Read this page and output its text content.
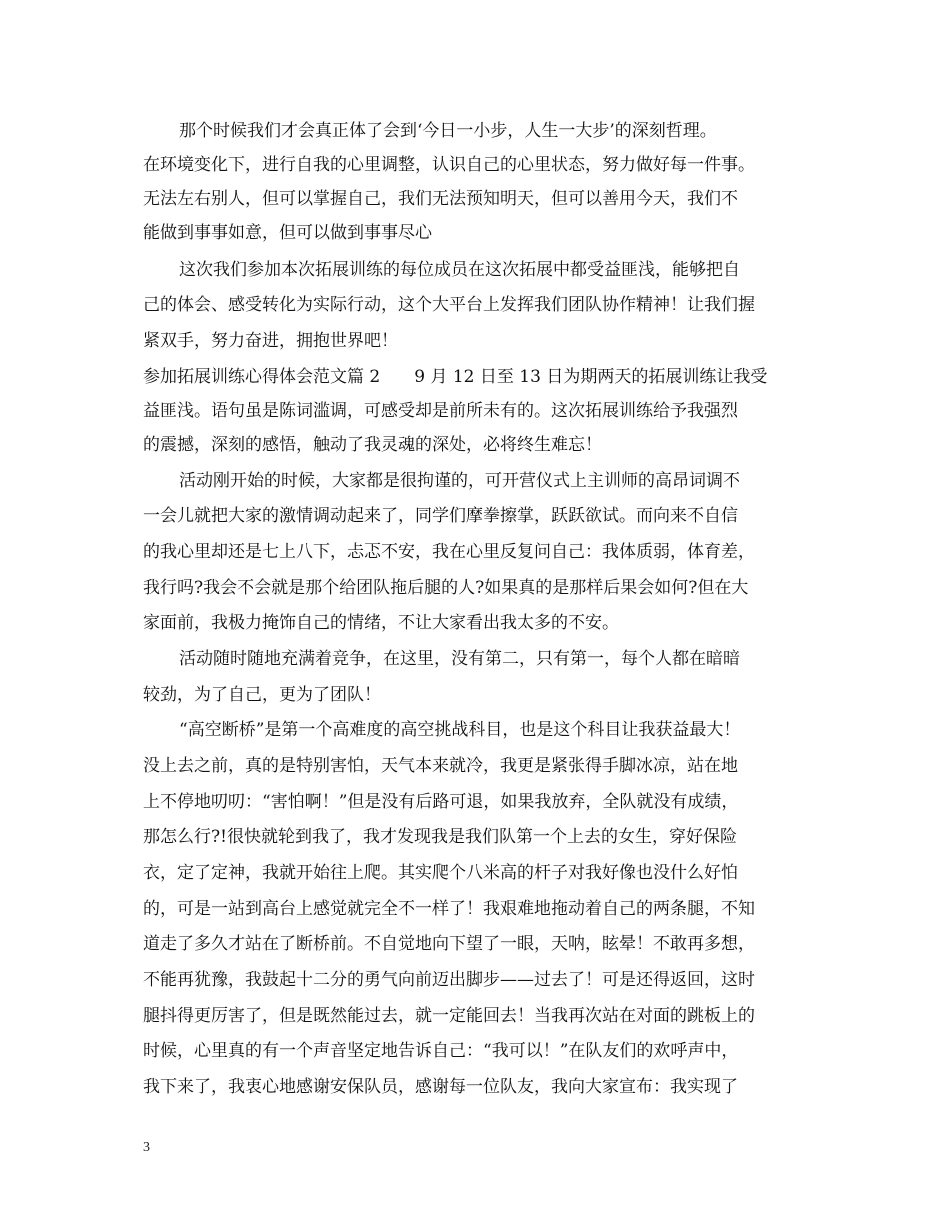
那个时候我们才会真正体了会到‘今日一小步，人生一大步’的深刻哲理。
在环境变化下，进行自我的心里调整，认识自己的心里状态，努力做好每一件事。
无法左右别人，但可以掌握自己，我们无法预知明天，但可以善用今天，我们不
能做到事事如意，但可以做到事事尽心
这次我们参加本次拓展训练的每位成员在这次拓展中都受益匪浅，能够把自
己的体会、感受转化为实际行动，这个大平台上发挥我们团队协作精神！让我们握
紧双手，努力奋进，拥抱世界吧！
参加拓展训练心得体会范文篇 2　　9 月 12 日至 13 日为期两天的拓展训练让我受
益匪浅。语句虽是陈词滥调，可感受却是前所未有的。这次拓展训练给予我强烈
的震撼，深刻的感悟，触动了我灵魂的深处，必将终生难忘！
活动刚开始的时候，大家都是很拘谨的，可开营仪式上主训师的高昂词调不
一会儿就把大家的激情调动起来了，同学们摩拳擦掌，跃跃欲试。而向来不自信
的我心里却还是七上八下，忐忑不安，我在心里反复问自己：我体质弱，体育差，
我行吗?我会不会就是那个给团队拖后腿的人?如果真的是那样后果会如何?但在大
家面前，我极力掩饰自己的情绪，不让大家看出我太多的不安。
活动随时随地充满着竞争，在这里，没有第二，只有第一，每个人都在暗暗
较劲，为了自己，更为了团队！
“高空断桥”是第一个高难度的高空挑战科目，也是这个科目让我获益最大！
没上去之前，真的是特别害怕，天气本来就冷，我更是紧张得手脚冰凉，站在地
上不停地叨叨：“害怕啊！”但是没有后路可退，如果我放弃，全队就没有成绩，
那怎么行?!很快就轮到我了，我才发现我是我们队第一个上去的女生，穿好保险
衣，定了定神，我就开始往上爬。其实爬个八米高的杆子对我好像也没什么好怕
的，可是一站到高台上感觉就完全不一样了！我艰难地拖动着自己的两条腿，不知
道走了多久才站在了断桥前。不自觉地向下望了一眼，天呐，眩晕！不敢再多想，
不能再犹豫，我鼓起十二分的勇气向前迈出脚步——过去了！可是还得返回，这时
腿抖得更厉害了，但是既然能过去，就一定能回去！当我再次站在对面的跳板上的
时候，心里真的有一个声音坚定地告诉自己：“我可以！”在队友们的欢呼声中，
我下来了，我衷心地感谢安保队员，感谢每一位队友，我向大家宣布：我实现了
3
